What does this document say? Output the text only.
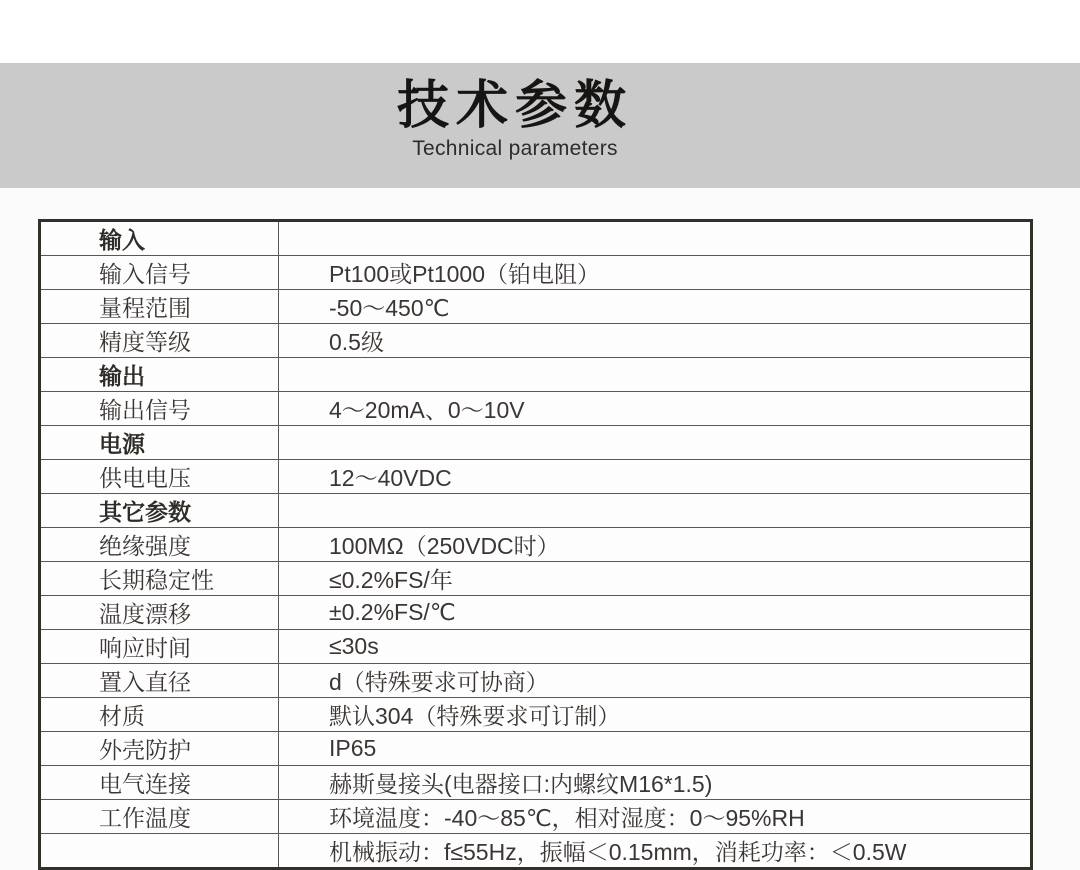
技术参数
Technical parameters
输入	
输入信号	Pt100或Pt1000（铂电阻）
量程范围	-50～450℃
精度等级	0.5级
输出	
输出信号	4～20mA、0～10V
电源	
供电电压	12～40VDC
其它参数	
绝缘强度	100MΩ（250VDC时）
长期稳定性	≤0.2%FS/年
温度漂移	±0.2%FS/℃
响应时间	≤30s
置入直径	d（特殊要求可协商）
材质	默认304（特殊要求可订制）
外壳防护	IP65
电气连接	赫斯曼接头(电器接口:内螺纹M16*1.5)
工作温度	环境温度：-40～85℃，相对湿度：0～95%RH
	机械振动：f≤55Hz，振幅＜0.15mm，消耗功率：＜0.5W
